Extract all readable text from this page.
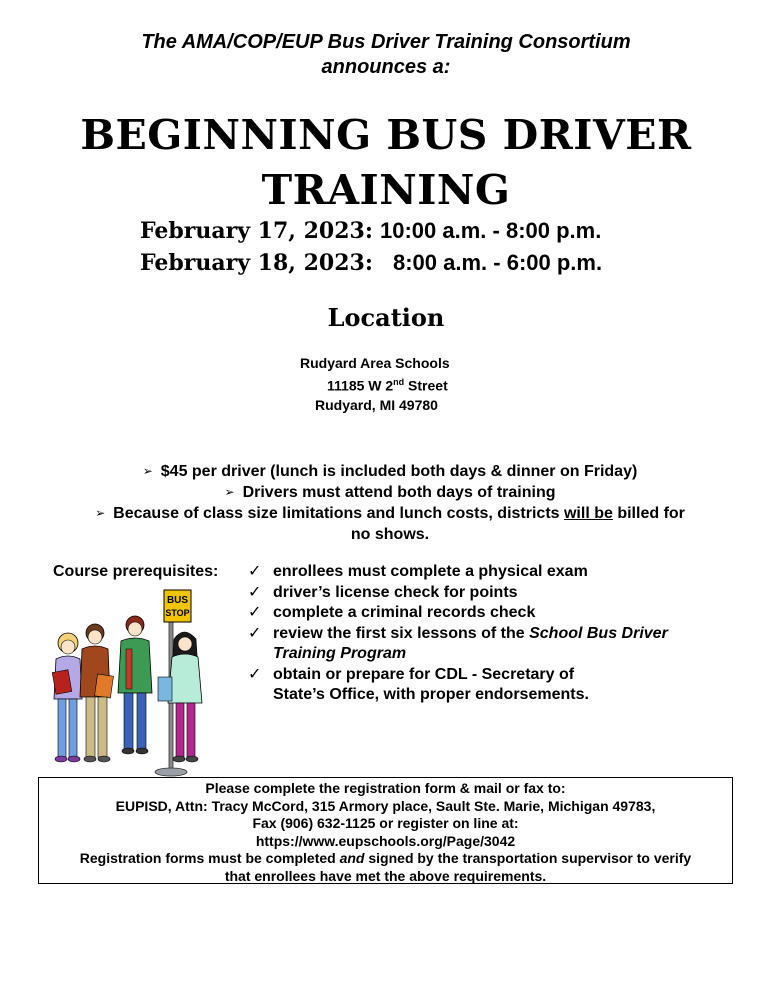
The AMA/COP/EUP Bus Driver Training Consortium
announces a:
BEGINNING BUS DRIVER
TRAINING
February 17, 2023: 10:00 a.m. - 8:00 p.m.
February 18, 2023: 8:00 a.m. - 6:00 p.m.
Location
Rudyard Area Schools
11185 W 2nd Street
Rudyard, MI 49780
➢ $45 per driver (lunch is included both days & dinner on Friday)
➢ Drivers must attend both days of training
➢ Because of class size limitations and lunch costs, districts will be billed for
no shows.
Course prerequisites: ✓ enrollees must complete a physical exam
✓ driver’s license check for points
✓ complete a criminal records check
✓ review the first six lessons of the School Bus Driver
Training Program
✓ obtain or prepare for CDL - Secretary of
State’s Office, with proper endorsements.
BUS
STOP
Please complete the registration form & mail or fax to:
EUPISD, Attn: Tracy McCord, 315 Armory place, Sault Ste. Marie, Michigan 49783,
Fax (906) 632-1125 or register on line at:
https://www.eupschools.org/Page/3042
Registration forms must be completed and signed by the transportation supervisor to verify
that enrollees have met the above requirements.
